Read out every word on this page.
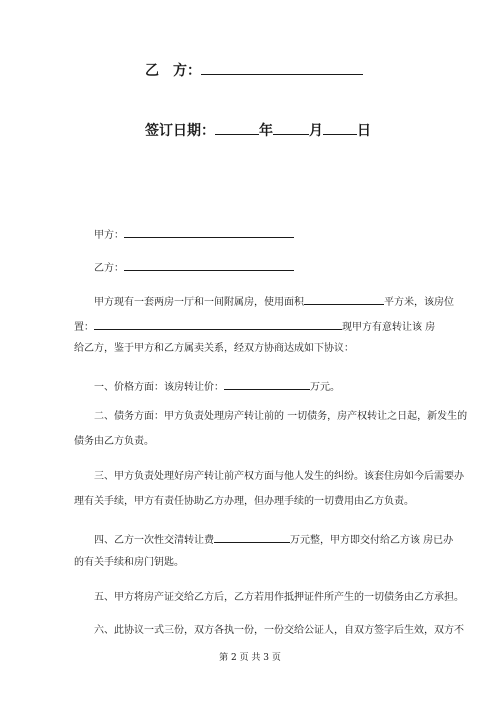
乙　方：
签订日期：	年	月 日
甲方：
乙方：
甲方现有一套两房一厅和一间附属房，使用面积	平方米，该房位
置：	现甲方有意转让该 房
给乙方，鉴于甲方和乙方属卖关系，经双方协商达成如下协议：
一、价格方面：该房转让价：	万元。
二、债务方面：甲方负责处理房产转让前的 一切债务，房产权转让之日起，新发生的
债务由乙方负责。
三、甲方负责处理好房产转让前产权方面与他人发生的纠纷。该套住房如今后需要办
理有关手续，甲方有责任协助乙方办理，但办理手续的一切费用由乙方负责。
四、乙方一次性交清转让费	万元整，甲方即交付给乙方该 房已办
的有关手续和房门钥匙。
五、甲方将房产证交给乙方后，乙方若用作抵押证件所产生的一切债务由乙方承担。
六、此协议一式三份，双方各执一份，一份交给公证人，自双方签字后生效，双方不
第 2 页 共 3 页
